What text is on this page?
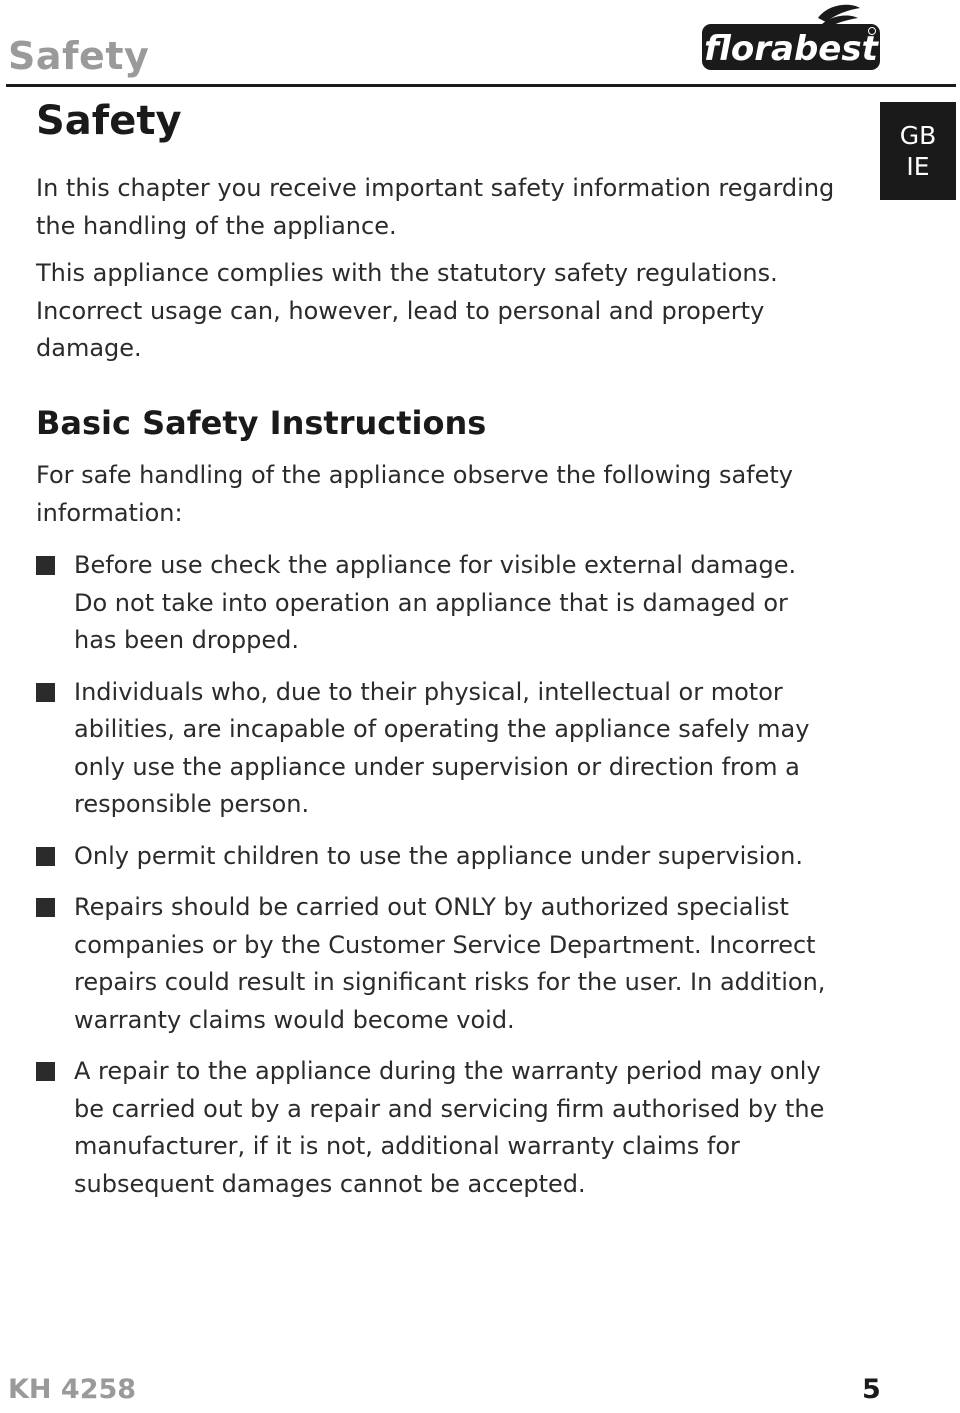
Safety	florabest
GB
IE
Safety

In this chapter you receive important safety information regarding the handling of the appliance.

This appliance complies with the statutory safety regulations. Incorrect usage can, however, lead to personal and property damage.

Basic Safety Instructions

For safe handling of the appliance observe the following safety information:

Before use check the appliance for visible external damage. Do not take into operation an appliance that is damaged or has been dropped.
Individuals who, due to their physical, intellectual or motor abilities, are incapable of operating the appliance safely may only use the appliance under supervision or direction from a responsible person.
Only permit children to use the appliance under supervision.
Repairs should be carried out ONLY by authorized specialist companies or by the Customer Service Department. Incorrect repairs could result in significant risks for the user. In addition, warranty claims would become void.
A repair to the appliance during the warranty period may only be carried out by a repair and servicing firm authorised by the manufacturer, if it is not, additional warranty claims for subsequent damages cannot be accepted.
KH 4258	5
